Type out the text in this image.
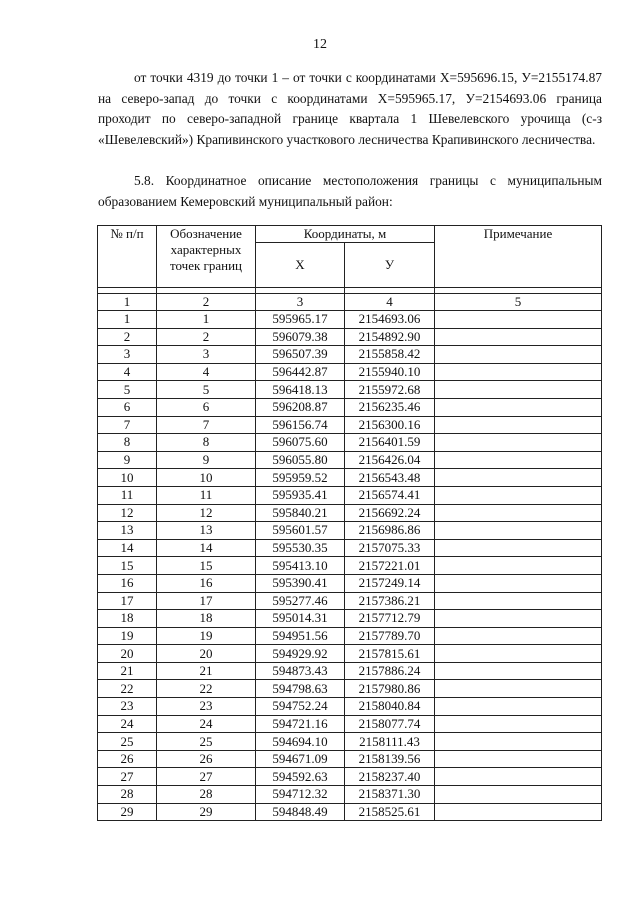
12
от точки 4319 до точки 1 – от точки с координатами Х=595696.15, У=2155174.87 на северо-запад до точки с координатами Х=595965.17, У=2154693.06 граница проходит по северо-западной границе квартала 1 Шевелевского урочища (с-з «Шевелевский») Крапивинского участкового лесничества Крапивинского лесничества.
5.8. Координатное описание местоположения границы с муниципальным образованием Кемеровский муниципальный район:
№ п/п	Обозначение характерных точек границ	Координаты, м		Примечание
		Х	У	

1	2	3	4	5
1	1	595965.17	2154693.06	
2	2	596079.38	2154892.90	
3	3	596507.39	2155858.42	
4	4	596442.87	2155940.10	
5	5	596418.13	2155972.68	
6	6	596208.87	2156235.46	
7	7	596156.74	2156300.16	
8	8	596075.60	2156401.59	
9	9	596055.80	2156426.04	
10	10	595959.52	2156543.48	
11	11	595935.41	2156574.41	
12	12	595840.21	2156692.24	
13	13	595601.57	2156986.86	
14	14	595530.35	2157075.33	
15	15	595413.10	2157221.01	
16	16	595390.41	2157249.14	
17	17	595277.46	2157386.21	
18	18	595014.31	2157712.79	
19	19	594951.56	2157789.70	
20	20	594929.92	2157815.61	
21	21	594873.43	2157886.24	
22	22	594798.63	2157980.86	
23	23	594752.24	2158040.84	
24	24	594721.16	2158077.74	
25	25	594694.10	2158111.43	
26	26	594671.09	2158139.56	
27	27	594592.63	2158237.40	
28	28	594712.32	2158371.30	
29	29	594848.49	2158525.61	
